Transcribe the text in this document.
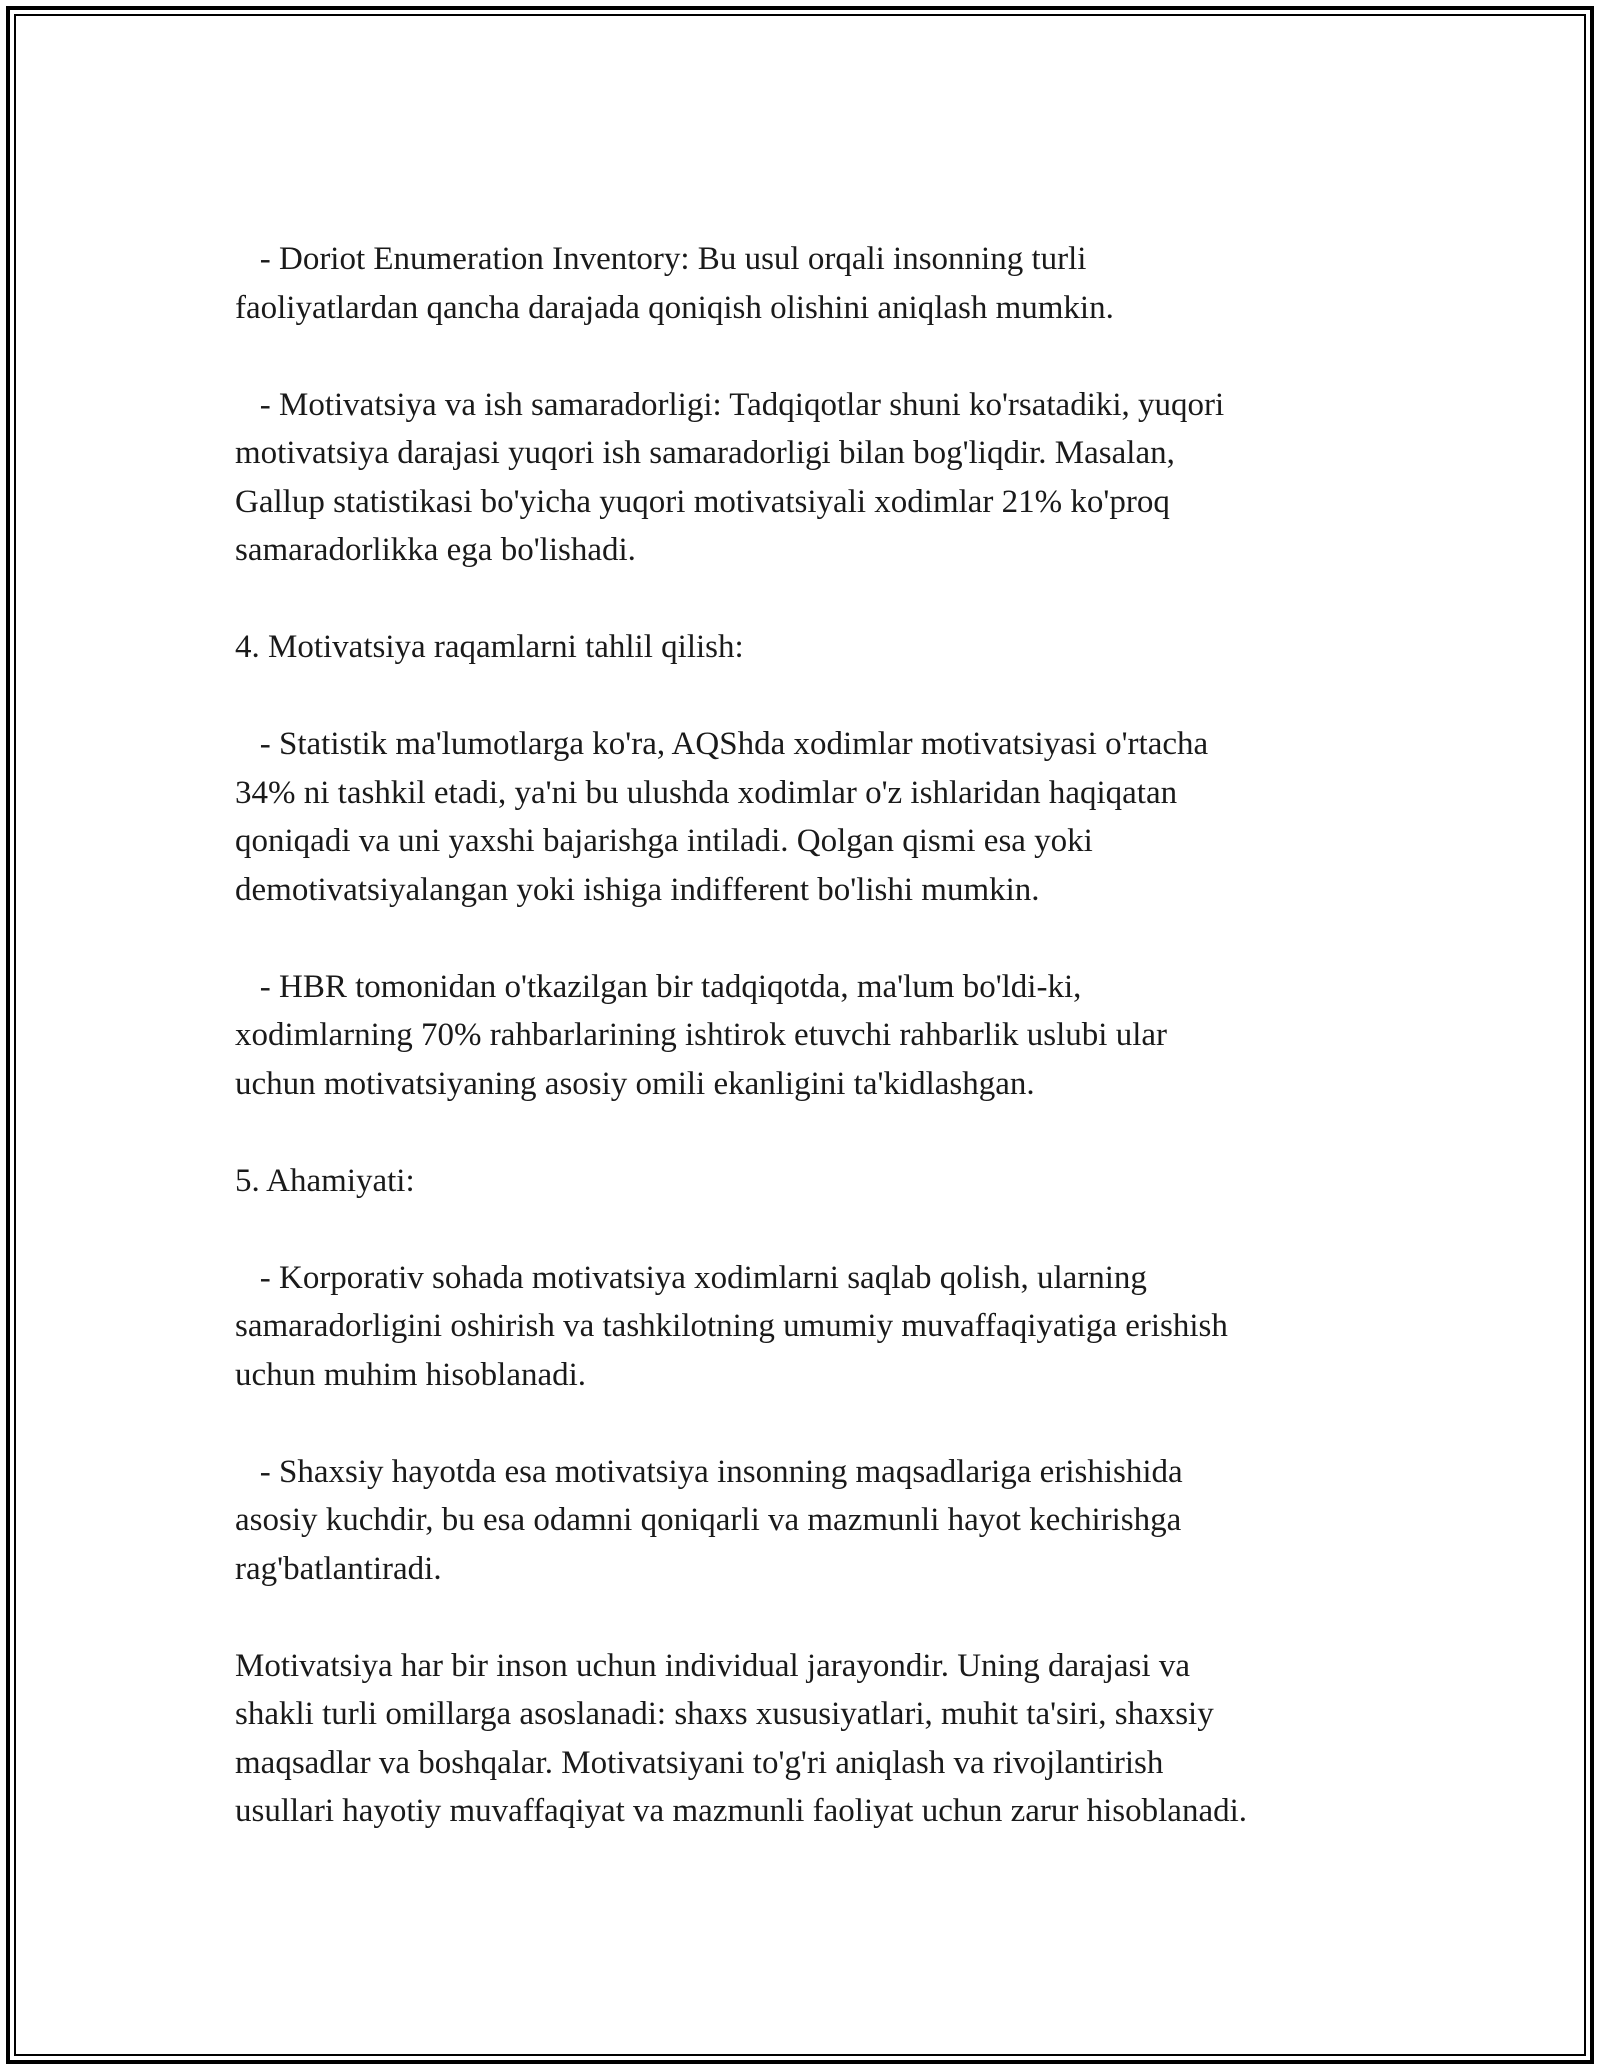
- Doriot Enumeration Inventory: Bu usul orqali insonning turli
faoliyatlardan qancha darajada qoniqish olishini aniqlash mumkin.

- Motivatsiya va ish samaradorligi: Tadqiqotlar shuni ko'rsatadiki, yuqori
motivatsiya darajasi yuqori ish samaradorligi bilan bog'liqdir. Masalan,
Gallup statistikasi bo'yicha yuqori motivatsiyali xodimlar 21% ko'proq
samaradorlikka ega bo'lishadi.

4. Motivatsiya raqamlarni tahlil qilish:

- Statistik ma'lumotlarga ko'ra, AQShda xodimlar motivatsiyasi o'rtacha
34% ni tashkil etadi, ya'ni bu ulushda xodimlar o'z ishlaridan haqiqatan
qoniqadi va uni yaxshi bajarishga intiladi. Qolgan qismi esa yoki
demotivatsiyalangan yoki ishiga indifferent bo'lishi mumkin.

- HBR tomonidan o'tkazilgan bir tadqiqotda, ma'lum bo'ldi-ki,
xodimlarning 70% rahbarlarining ishtirok etuvchi rahbarlik uslubi ular
uchun motivatsiyaning asosiy omili ekanligini ta'kidlashgan.

5. Ahamiyati:

- Korporativ sohada motivatsiya xodimlarni saqlab qolish, ularning
samaradorligini oshirish va tashkilotning umumiy muvaffaqiyatiga erishish
uchun muhim hisoblanadi.

- Shaxsiy hayotda esa motivatsiya insonning maqsadlariga erishishida
asosiy kuchdir, bu esa odamni qoniqarli va mazmunli hayot kechirishga
rag'batlantiradi.

Motivatsiya har bir inson uchun individual jarayondir. Uning darajasi va
shakli turli omillarga asoslanadi: shaxs xususiyatlari, muhit ta'siri, shaxsiy
maqsadlar va boshqalar. Motivatsiyani to'g'ri aniqlash va rivojlantirish
usullari hayotiy muvaffaqiyat va mazmunli faoliyat uchun zarur hisoblanadi.
